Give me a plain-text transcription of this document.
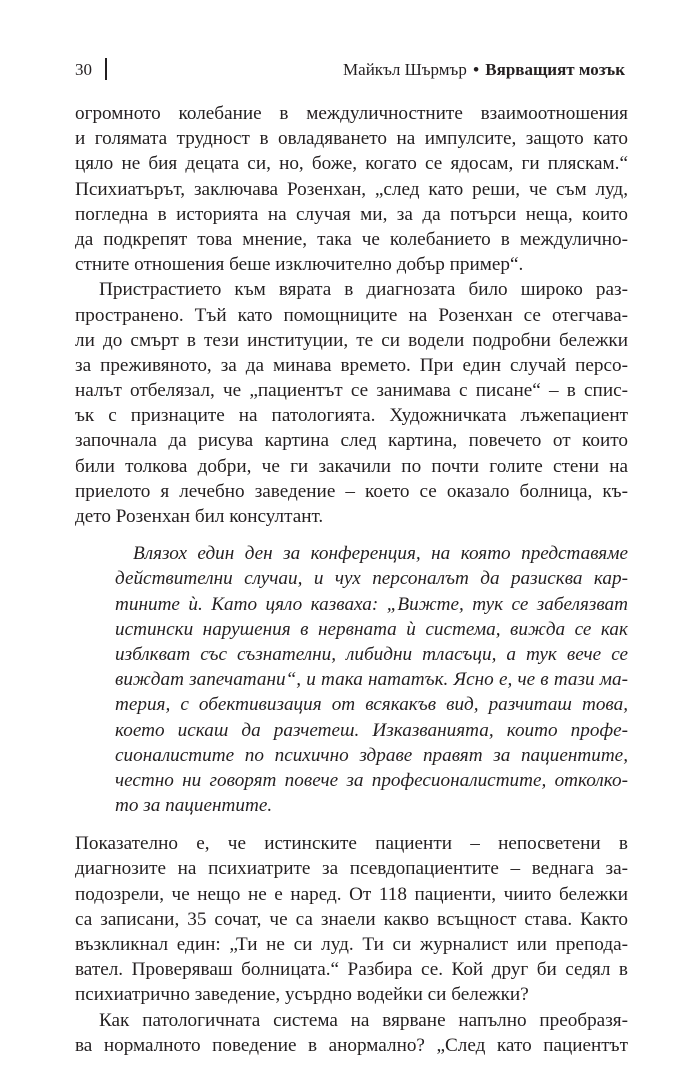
30	Майкъл Шърмър • Вярващият мозък
огромното колебание в междуличностните взаимоотношения
и голямата трудност в овладяването на импулсите, защото като
цяло не бия децата си, но, боже, когато се ядосам, ги пляскам.“
Психиатърът, заключава Розенхан, „след като реши, че съм луд,
погледна в историята на случая ми, за да потърси неща, които
да подкрепят това мнение, така че колебанието в междулично-
стните отношения беше изключително добър пример“.
Пристрастието към вярата в диагнозата било широко раз-
пространено. Тъй като помощниците на Розенхан се отегчава-
ли до смърт в тези институции, те си водели подробни бележки
за преживяното, за да минава времето. При един случай персо-
налът отбелязал, че „пациентът се занимава с писане“ – в спис-
ък с признаците на патологията. Художничката лъжепациент
започнала да рисува картина след картина, повечето от които
били толкова добри, че ги закачили по почти голите стени на
приелото я лечебно заведение – което се оказало болница, къ-
дето Розенхан бил консултант.
Влязох един ден за конференция, на която представяме
действителни случаи, и чух персоналът да разисква кар-
тините ѝ. Като цяло казваха: „Вижте, тук се забелязват
истински нарушения в нервната ѝ система, вижда се как
изблкват със съзнателни, либидни тласъци, а тук вече се
виждат запечатани“, и така нататък. Ясно е, че в тази ма-
терия, с обективизация от всякакъв вид, разчиташ това,
което искаш да разчетеш. Изказванията, които профе-
сионалистите по психично здраве правят за пациентите,
честно ни говорят повече за професионалистите, отколко-
то за пациентите.
Показателно е, че истинските пациенти – непосветени в
диагнозите на психиатрите за псевдопациентите – веднага за-
подозрели, че нещо не е наред. От 118 пациенти, чиито бележки
са записани, 35 сочат, че са знаели какво всъщност става. Както
възкликнал един: „Ти не си луд. Ти си журналист или препода-
вател. Проверяваш болницата.“ Разбира се. Кой друг би седял в
психиатрично заведение, усърдно водейки си бележки?
Как патологичната система на вярване напълно преобразя-
ва нормалното поведение в анормално? „След като пациентът
